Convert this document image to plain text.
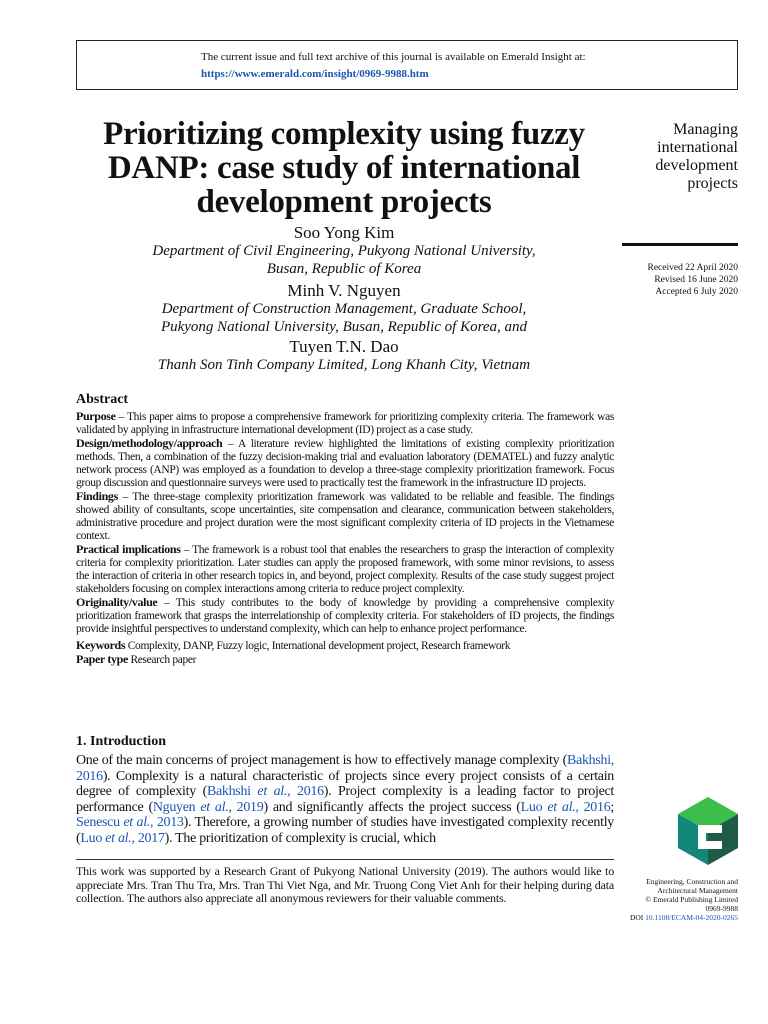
The current issue and full text archive of this journal is available on Emerald Insight at:
https://www.emerald.com/insight/0969-9988.htm
Prioritizing complexity using fuzzy
DANP: case study of international
development projects
Managing
international
development
projects
Received 22 April 2020
Revised 16 June 2020
Accepted 6 July 2020
Soo Yong Kim
Department of Civil Engineering, Pukyong National University,
Busan, Republic of Korea
Minh V. Nguyen
Department of Construction Management, Graduate School,
Pukyong National University, Busan, Republic of Korea, and
Tuyen T.N. Dao
Thanh Son Tinh Company Limited, Long Khanh City, Vietnam
Abstract
Purpose – This paper aims to propose a comprehensive framework for prioritizing complexity criteria. The framework was validated by applying in infrastructure international development (ID) project as a case study.
Design/methodology/approach – A literature review highlighted the limitations of existing complexity prioritization methods. Then, a combination of the fuzzy decision-making trial and evaluation laboratory (DEMATEL) and fuzzy analytic network process (ANP) was employed as a foundation to develop a three-stage complexity prioritization framework. Focus group discussion and questionnaire surveys were used to practically test the framework in the infrastructure ID projects.
Findings – The three-stage complexity prioritization framework was validated to be reliable and feasible. The findings showed ability of consultants, scope uncertainties, site compensation and clearance, communication between stakeholders, administrative procedure and project duration were the most significant complexity criteria of ID projects in the Vietnamese context.
Practical implications – The framework is a robust tool that enables the researchers to grasp the interaction of complexity criteria for complexity prioritization. Later studies can apply the proposed framework, with some minor revisions, to assess the interaction of criteria in other research topics in, and beyond, project complexity. Results of the case study suggest project stakeholders focusing on complex interactions among criteria to reduce project complexity.
Originality/value – This study contributes to the body of knowledge by providing a comprehensive complexity prioritization framework that grasps the interrelationship of complexity criteria. For stakeholders of ID projects, the findings provide insightful perspectives to understand complexity, which can help to enhance project performance.
Keywords Complexity, DANP, Fuzzy logic, International development project, Research framework
Paper type Research paper
1. Introduction
One of the main concerns of project management is how to effectively manage complexity (Bakhshi, 2016). Complexity is a natural characteristic of projects since every project consists of a certain degree of complexity (Bakhshi et al., 2016). Project complexity is a leading factor to project performance (Nguyen et al., 2019) and significantly affects the project success (Luo et al., 2016; Senescu et al., 2013). Therefore, a growing number of studies have investigated complexity recently (Luo et al., 2017). The prioritization of complexity is crucial, which
This work was supported by a Research Grant of Pukyong National University (2019). The authors would like to appreciate Mrs. Tran Thu Tra, Mrs. Tran Thi Viet Nga, and Mr. Truong Cong Viet Anh for their helping during data collection. The authors also appreciate all anonymous reviewers for their valuable comments.
Engineering, Construction and
Architectural Management
© Emerald Publishing Limited
0969-9988
DOI 10.1108/ECAM-04-2020-0265
